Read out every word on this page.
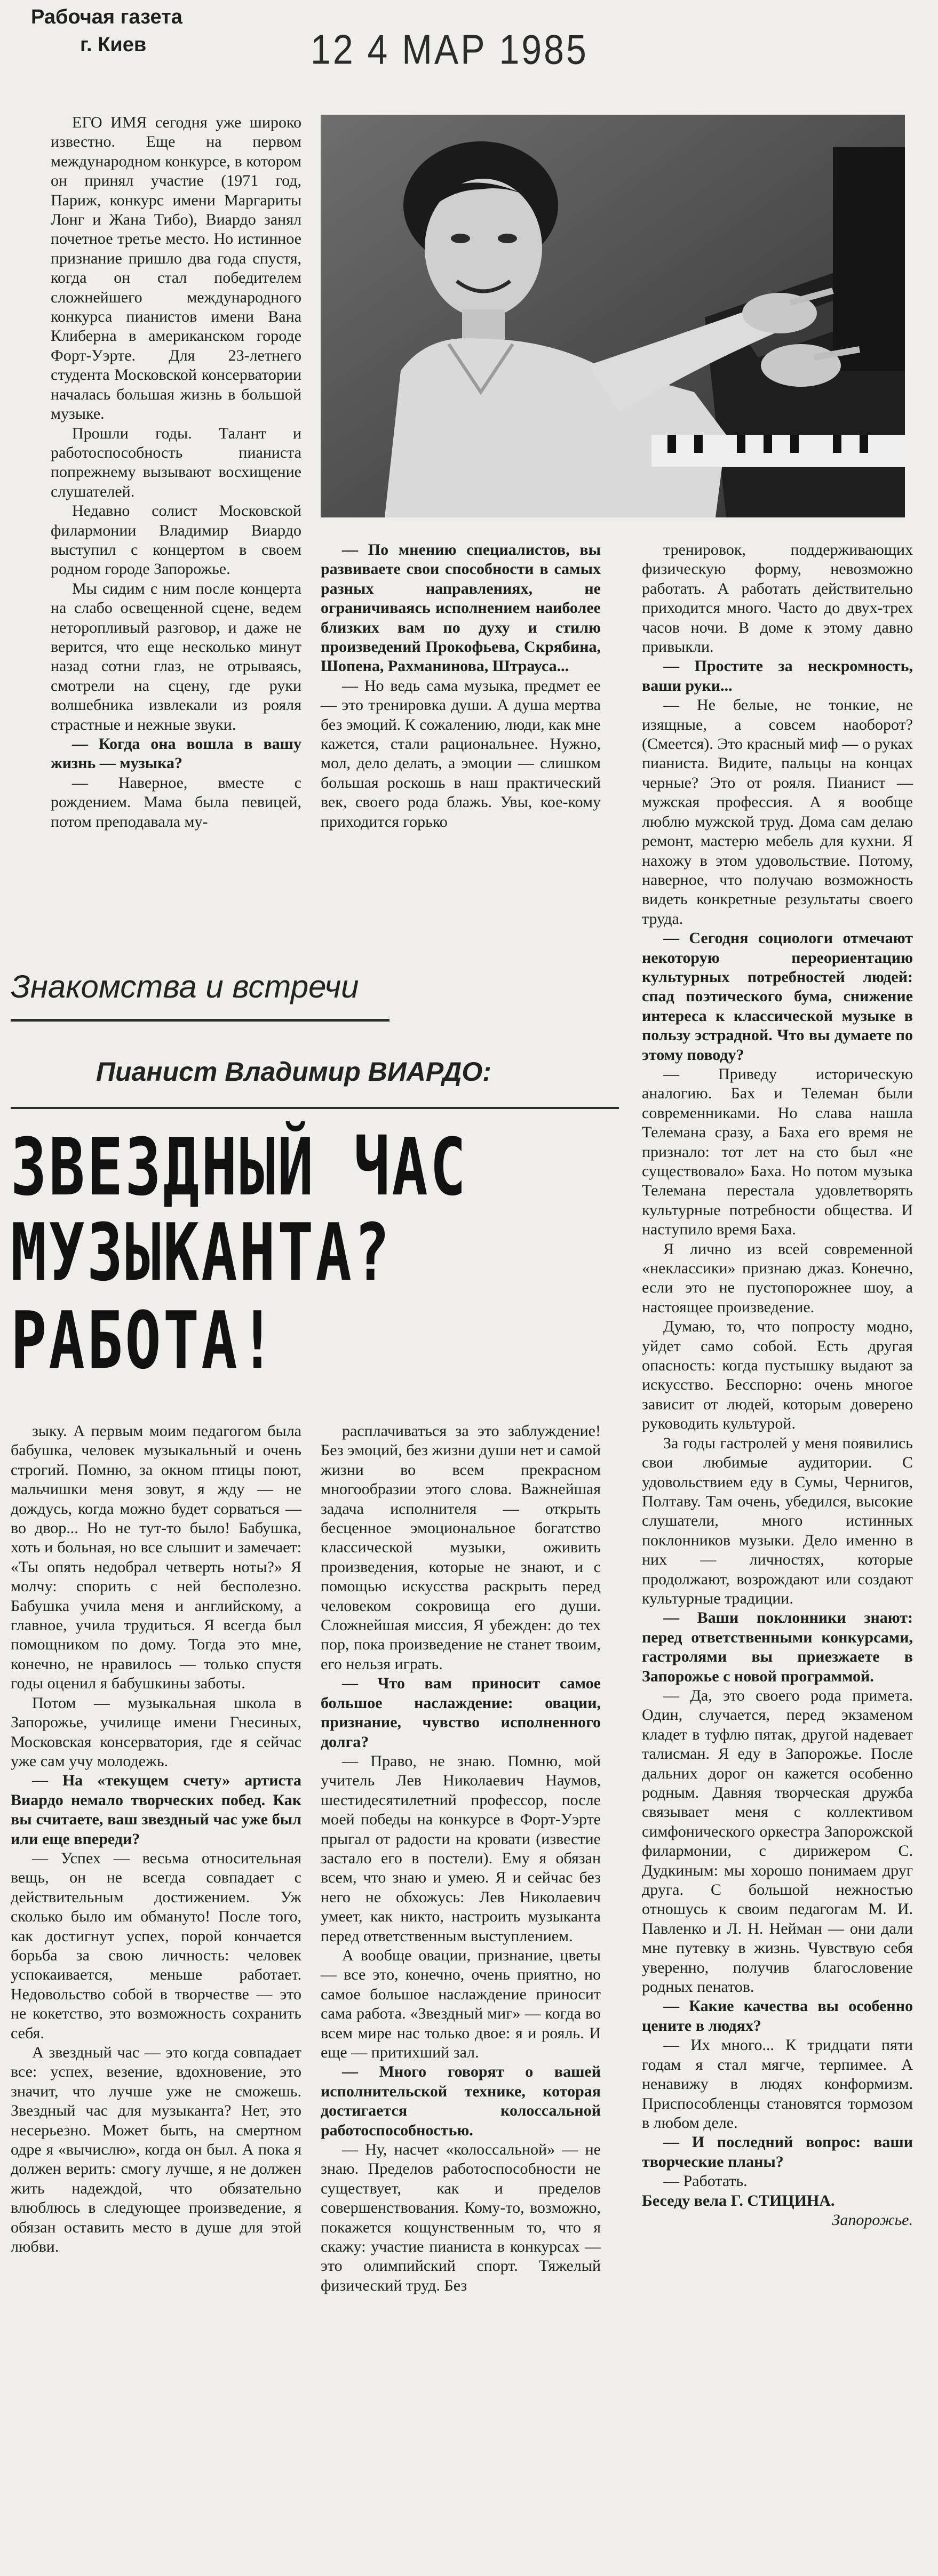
Рабочая газета
г. Киев	12 4 МАР 1985

ЕГО ИМЯ сегодня уже широко известно. Еще на первом международном конкурсе, в котором он принял участие (1971 год, Париж, конкурс имени Маргариты Лонг и Жана Тибо), Виардо занял почетное третье место. Но истинное признание пришло два года спустя, когда он стал победителем сложнейшего международного конкурса пианистов имени Вана Клиберна в американском городе Форт-Уэрте. Для 23-летнего студента Московской консерватории началась большая жизнь в большой музыке.

Прошли годы. Талант и работоспособность пианиста попрежнему вызывают восхищение слушателей.

Недавно солист Московской филармонии Владимир Виардо выступил с концертом в своем родном городе Запорожье.

Мы сидим с ним после концерта на слабо освещенной сцене, ведем неторопливый разговор, и даже не верится, что еще несколько минут назад сотни глаз, не отрываясь, смотрели на сцену, где руки волшебника извлекали из рояля страстные и нежные звуки.

— Когда она вошла в вашу жизнь — музыка?

— Наверное, вместе с рождением. Мама была певицей, потом преподавала му-

— По мнению специалистов, вы развиваете свои способности в самых разных направлениях, не ограничиваясь исполнением наиболее близких вам по духу и стилю произведений Прокофьева, Скрябина, Шопена, Рахманинова, Штрауса...

— Но ведь сама музыка, предмет ее — это тренировка души. А душа мертва без эмоций. К сожалению, люди, как мне кажется, стали рациональнее. Нужно, мол, дело делать, а эмоции — слишком большая роскошь в наш практический век, своего рода блажь. Увы, кое-кому приходится горько

тренировок, поддерживающих физическую форму, невозможно работать. А работать действительно приходится много. Часто до двух-трех часов ночи. В доме к этому давно привыкли.

— Простите за нескромность, ваши руки...

— Не белые, не тонкие, не изящные, а совсем наоборот? (Смеется). Это красный миф — о руках пианиста. Видите, пальцы на концах черные? Это от рояля. Пианист — мужская профессия. А я вообще люблю мужской труд. Дома сам делаю ремонт, мастерю мебель для кухни. Я нахожу в этом удовольствие. Потому, наверное, что получаю возможность видеть конкретные результаты своего труда.

— Сегодня социологи отмечают некоторую переориентацию культурных потребностей людей: спад поэтического бума, снижение интереса к классической музыке в пользу эстрадной. Что вы думаете по этому поводу?

— Приведу историческую аналогию. Бах и Телеман были современниками. Но слава нашла Телемана сразу, а Баха его время не признало: тот лет на сто был «не существовало» Баха. Но потом музыка Телемана перестала удовлетворять культурные потребности общества. И наступило время Баха.

Я лично из всей современной «неклассики» признаю джаз. Конечно, если это не пустопорожнее шоу, а настоящее произведение.

Думаю, то, что попросту модно, уйдет само собой. Есть другая опасность: когда пустышку выдают за искусство. Бесспорно: очень многое зависит от людей, которым доверено руководить культурой.

За годы гастролей у меня появились свои любимые аудитории. С удовольствием еду в Сумы, Чернигов, Полтаву. Там очень, убедился, высокие слушатели, много истинных поклонников музыки. Дело именно в них — личностях, которые продолжают, возрождают или создают культурные традиции.

— Ваши поклонники знают: перед ответственными конкурсами, гастролями вы приезжаете в Запорожье с новой программой.

— Да, это своего рода примета. Один, случается, перед экзаменом кладет в туфлю пятак, другой надевает талисман. Я еду в Запорожье. После дальних дорог он кажется особенно родным. Давняя творческая дружба связывает меня с коллективом симфонического оркестра Запорожской филармонии, с дирижером С. Дудкиным: мы хорошо понимаем друг друга. С большой нежностью отношусь к своим педагогам М. И. Павленко и Л. Н. Нейман — они дали мне путевку в жизнь. Чувствую себя уверенно, получив благословение родных пенатов.

— Какие качества вы особенно цените в людях?

— Их много... К тридцати пяти годам я стал мягче, терпимее. А ненавижу в людях конформизм. Приспособленцы становятся тормозом в любом деле.

— И последний вопрос: ваши творческие планы?

— Работать.

Беседу вела Г. СТИЦИНА.

Запорожье.

Знакомства и встречи
Пианист Владимир ВИАРДО:
ЗВЕЗДНЫЙ ЧАС
МУЗЫКАНТА?
РАБОТА!

зыку. А первым моим педагогом была бабушка, человек музыкальный и очень строгий. Помню, за окном птицы поют, мальчишки меня зовут, я жду — не дождусь, когда можно будет сорваться — во двор... Но не тут-то было! Бабушка, хоть и больная, но все слышит и замечает: «Ты опять недобрал четверть ноты?» Я молчу: спорить с ней бесполезно. Бабушка учила меня и английскому, а главное, учила трудиться. Я всегда был помощником по дому. Тогда это мне, конечно, не нравилось — только спустя годы оценил я бабушкины заботы.

Потом — музыкальная школа в Запорожье, училище имени Гнесиных, Московская консерватория, где я сейчас уже сам учу молодежь.

— На «текущем счету» артиста Виардо немало творческих побед. Как вы считаете, ваш звездный час уже был или еще впереди?

— Успех — весьма относительная вещь, он не всегда совпадает с действительным достижением. Уж сколько было им обмануто! После того, как достигнут успех, порой кончается борьба за свою личность: человек успокаивается, меньше работает. Недовольство собой в творчестве — это не кокетство, это возможность сохранить себя.

А звездный час — это когда совпадает все: успех, везение, вдохновение, это значит, что лучше уже не сможешь. Звездный час для музыканта? Нет, это несерьезно. Может быть, на смертном одре я «вычислю», когда он был. А пока я должен верить: смогу лучше, я не должен жить надеждой, что обязательно влюблюсь в следующее произведение, я обязан оставить место в душе для этой любви.

расплачиваться за это заблуждение! Без эмоций, без жизни души нет и самой жизни во всем прекрасном многообразии этого слова. Важнейшая задача исполнителя — открыть бесценное эмоциональное богатство классической музыки, оживить произведения, которые не знают, и с помощью искусства раскрыть перед человеком сокровища его души. Сложнейшая миссия, Я убежден: до тех пор, пока произведение не станет твоим, его нельзя играть.

— Что вам приносит самое большое наслаждение: овации, признание, чувство исполненного долга?

— Право, не знаю. Помню, мой учитель Лев Николаевич Наумов, шестидесятилетний профессор, после моей победы на конкурсе в Форт-Уэрте прыгал от радости на кровати (известие застало его в постели). Ему я обязан всем, что знаю и умею. Я и сейчас без него не обхожусь: Лев Николаевич умеет, как никто, настроить музыканта перед ответственным выступлением.

А вообще овации, признание, цветы — все это, конечно, очень приятно, но самое большое наслаждение приносит сама работа. «Звездный миг» — когда во всем мире нас только двое: я и рояль. И еще — притихший зал.

— Много говорят о вашей исполнительской технике, которая достигается колоссальной работоспособностью.

— Ну, насчет «колоссальной» — не знаю. Пределов работоспособности не существует, как и пределов совершенствования. Кому-то, возможно, покажется кощунственным то, что я скажу: участие пианиста в конкурсах — это олимпийский спорт. Тяжелый физический труд. Без
